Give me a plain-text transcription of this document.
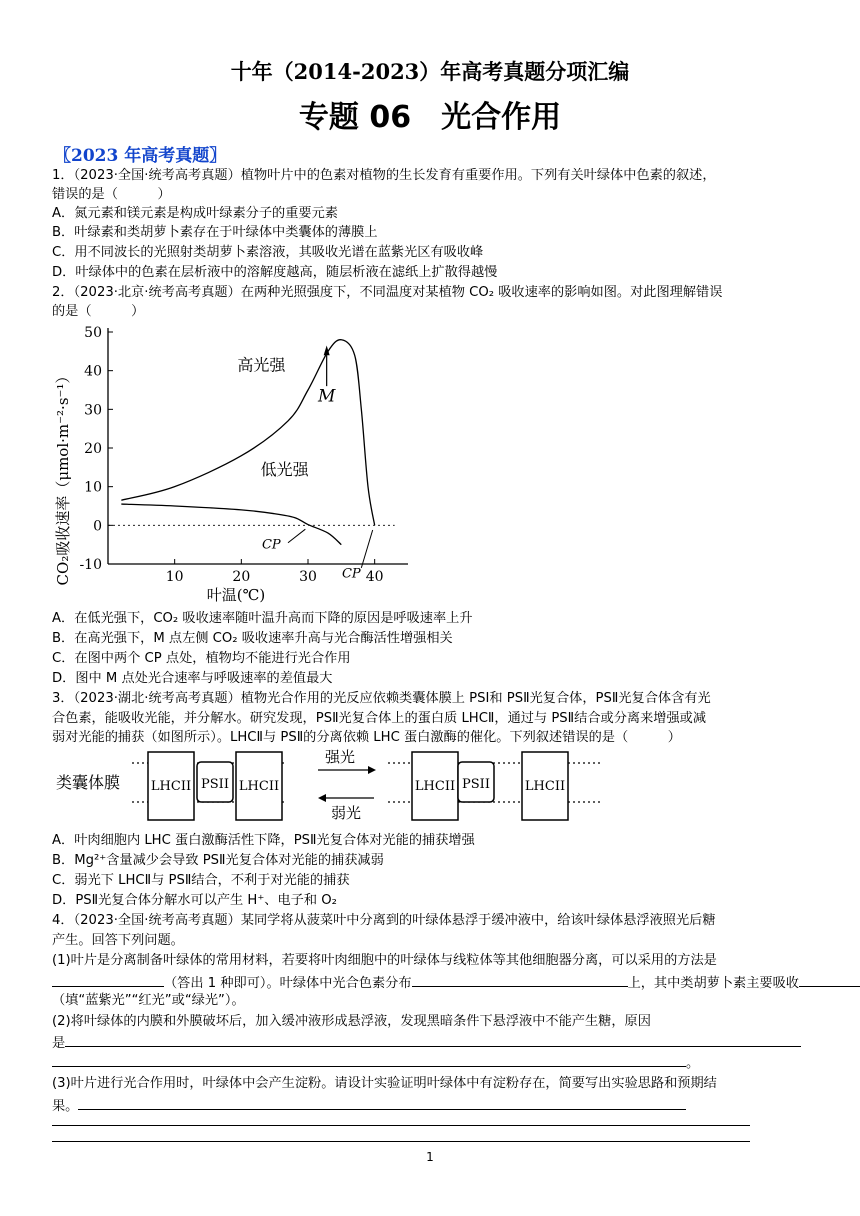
十年（2014-2023）年高考真题分项汇编
专题 06　光合作用
〖2023 年高考真题〗
1．（2023·全国·统考高考真题）植物叶片中的色素对植物的生长发育有重要作用。下列有关叶绿体中色素的叙述，
错误的是（　　　）
A．氮元素和镁元素是构成叶绿素分子的重要元素
B．叶绿素和类胡萝卜素存在于叶绿体中类囊体的薄膜上
C．用不同波长的光照射类胡萝卜素溶液，其吸收光谱在蓝紫光区有吸收峰
D．叶绿体中的色素在层析液中的溶解度越高，随层析液在滤纸上扩散得越慢
2．（2023·北京·统考高考真题）在两种光照强度下，不同温度对某植物 CO₂ 吸收速率的影响如图。对此图理解错误
的是（　　　）
50
40
30
20
10
0
-10
10	20	30	40
高光强
低光强
M
CP
CP
CO₂吸收速率（μmol·m⁻²·s⁻¹）
叶温(℃)
A．在低光强下，CO₂ 吸收速率随叶温升高而下降的原因是呼吸速率上升
B．在高光强下，M 点左侧 CO₂ 吸收速率升高与光合酶活性增强相关
C．在图中两个 CP 点处，植物均不能进行光合作用
D．图中 M 点处光合速率与呼吸速率的差值最大
3．（2023·湖北·统考高考真题）植物光合作用的光反应依赖类囊体膜上 PSⅠ和 PSⅡ光复合体，PSⅡ光复合体含有光
合色素，能吸收光能，并分解水。研究发现，PSⅡ光复合体上的蛋白质 LHCⅡ，通过与 PSⅡ结合或分离来增强或减
弱对光能的捕获（如图所示）。LHCⅡ与 PSⅡ的分离依赖 LHC 蛋白激酶的催化。下列叙述错误的是（　　　）
类囊体膜 LHCII PSII LHCII
强光
弱光
LHCII PSII	LHCII
A．叶肉细胞内 LHC 蛋白激酶活性下降，PSⅡ光复合体对光能的捕获增强
B．Mg²⁺含量减少会导致 PSⅡ光复合体对光能的捕获减弱
C．弱光下 LHCⅡ与 PSⅡ结合，不利于对光能的捕获
D．PSⅡ光复合体分解水可以产生 H⁺、电子和 O₂
4．（2023·全国·统考高考真题）某同学将从菠菜叶中分离到的叶绿体悬浮于缓冲液中，给该叶绿体悬浮液照光后糖
产生。回答下列问题。
(1)叶片是分离制备叶绿体的常用材料，若要将叶肉细胞中的叶绿体与线粒体等其他细胞器分离，可以采用的方法是
（答出 1 种即可）。叶绿体中光合色素分布	上，其中类胡萝卜素主要吸收
（填“蓝紫光”“红光”或“绿光”）。
(2)将叶绿体的内膜和外膜破坏后，加入缓冲液形成悬浮液，发现黑暗条件下悬浮液中不能产生糖，原因
是
。
(3)叶片进行光合作用时，叶绿体中会产生淀粉。请设计实验证明叶绿体中有淀粉存在，简要写出实验思路和预期结
果。
1
